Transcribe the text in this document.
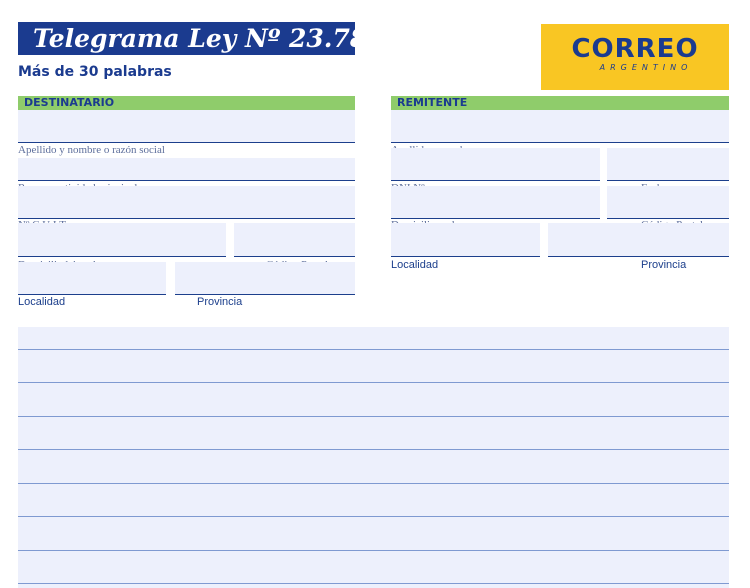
Telegrama Ley Nº 23.789
Más de 30 palabras
CORREO
ARGENTINO
DESTINATARIO
Apellido y nombre o razón social
Localidad	Provincia
REMITENTE
Localidad	Provincia
